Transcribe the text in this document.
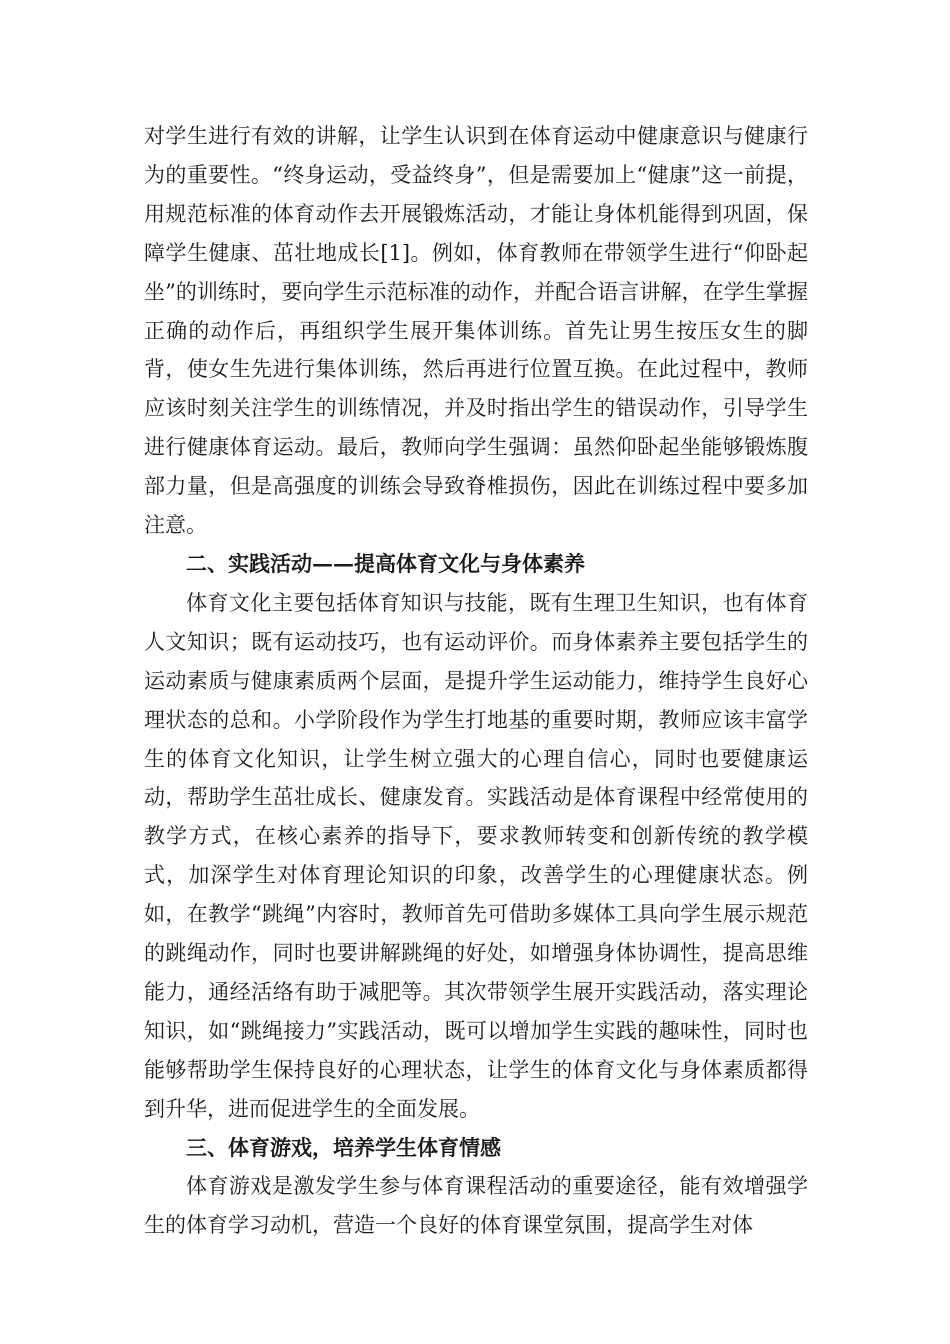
对学生进行有效的讲解，让学生认识到在体育运动中健康意识与健康行为的重要性。“终身运动，受益终身”，但是需要加上“健康”这一前提，用规范标准的体育动作去开展锻炼活动，才能让身体机能得到巩固，保障学生健康、茁壮地成长[1]。例如，体育教师在带领学生进行“仰卧起坐”的训练时，要向学生示范标准的动作，并配合语言讲解，在学生掌握正确的动作后，再组织学生展开集体训练。首先让男生按压女生的脚背，使女生先进行集体训练，然后再进行位置互换。在此过程中，教师应该时刻关注学生的训练情况，并及时指出学生的错误动作，引导学生进行健康体育运动。最后，教师向学生强调：虽然仰卧起坐能够锻炼腹部力量，但是高强度的训练会导致脊椎损伤，因此在训练过程中要多加注意。

二、实践活动——提高体育文化与身体素养

体育文化主要包括体育知识与技能，既有生理卫生知识，也有体育人文知识；既有运动技巧，也有运动评价。而身体素养主要包括学生的运动素质与健康素质两个层面，是提升学生运动能力，维持学生良好心理状态的总和。小学阶段作为学生打地基的重要时期，教师应该丰富学生的体育文化知识，让学生树立强大的心理自信心，同时也要健康运动，帮助学生茁壮成长、健康发育。实践活动是体育课程中经常使用的教学方式，在核心素养的指导下，要求教师转变和创新传统的教学模式，加深学生对体育理论知识的印象，改善学生的心理健康状态。例如，在教学“跳绳”内容时，教师首先可借助多媒体工具向学生展示规范的跳绳动作，同时也要讲解跳绳的好处，如增强身体协调性，提高思维能力，通经活络有助于减肥等。其次带领学生展开实践活动，落实理论知识，如“跳绳接力”实践活动，既可以增加学生实践的趣味性，同时也能够帮助学生保持良好的心理状态，让学生的体育文化与身体素质都得到升华，进而促进学生的全面发展。

三、体育游戏，培养学生体育情感

体育游戏是激发学生参与体育课程活动的重要途径，能有效增强学生的体育学习动机，营造一个良好的体育课堂氛围，提高学生对体
